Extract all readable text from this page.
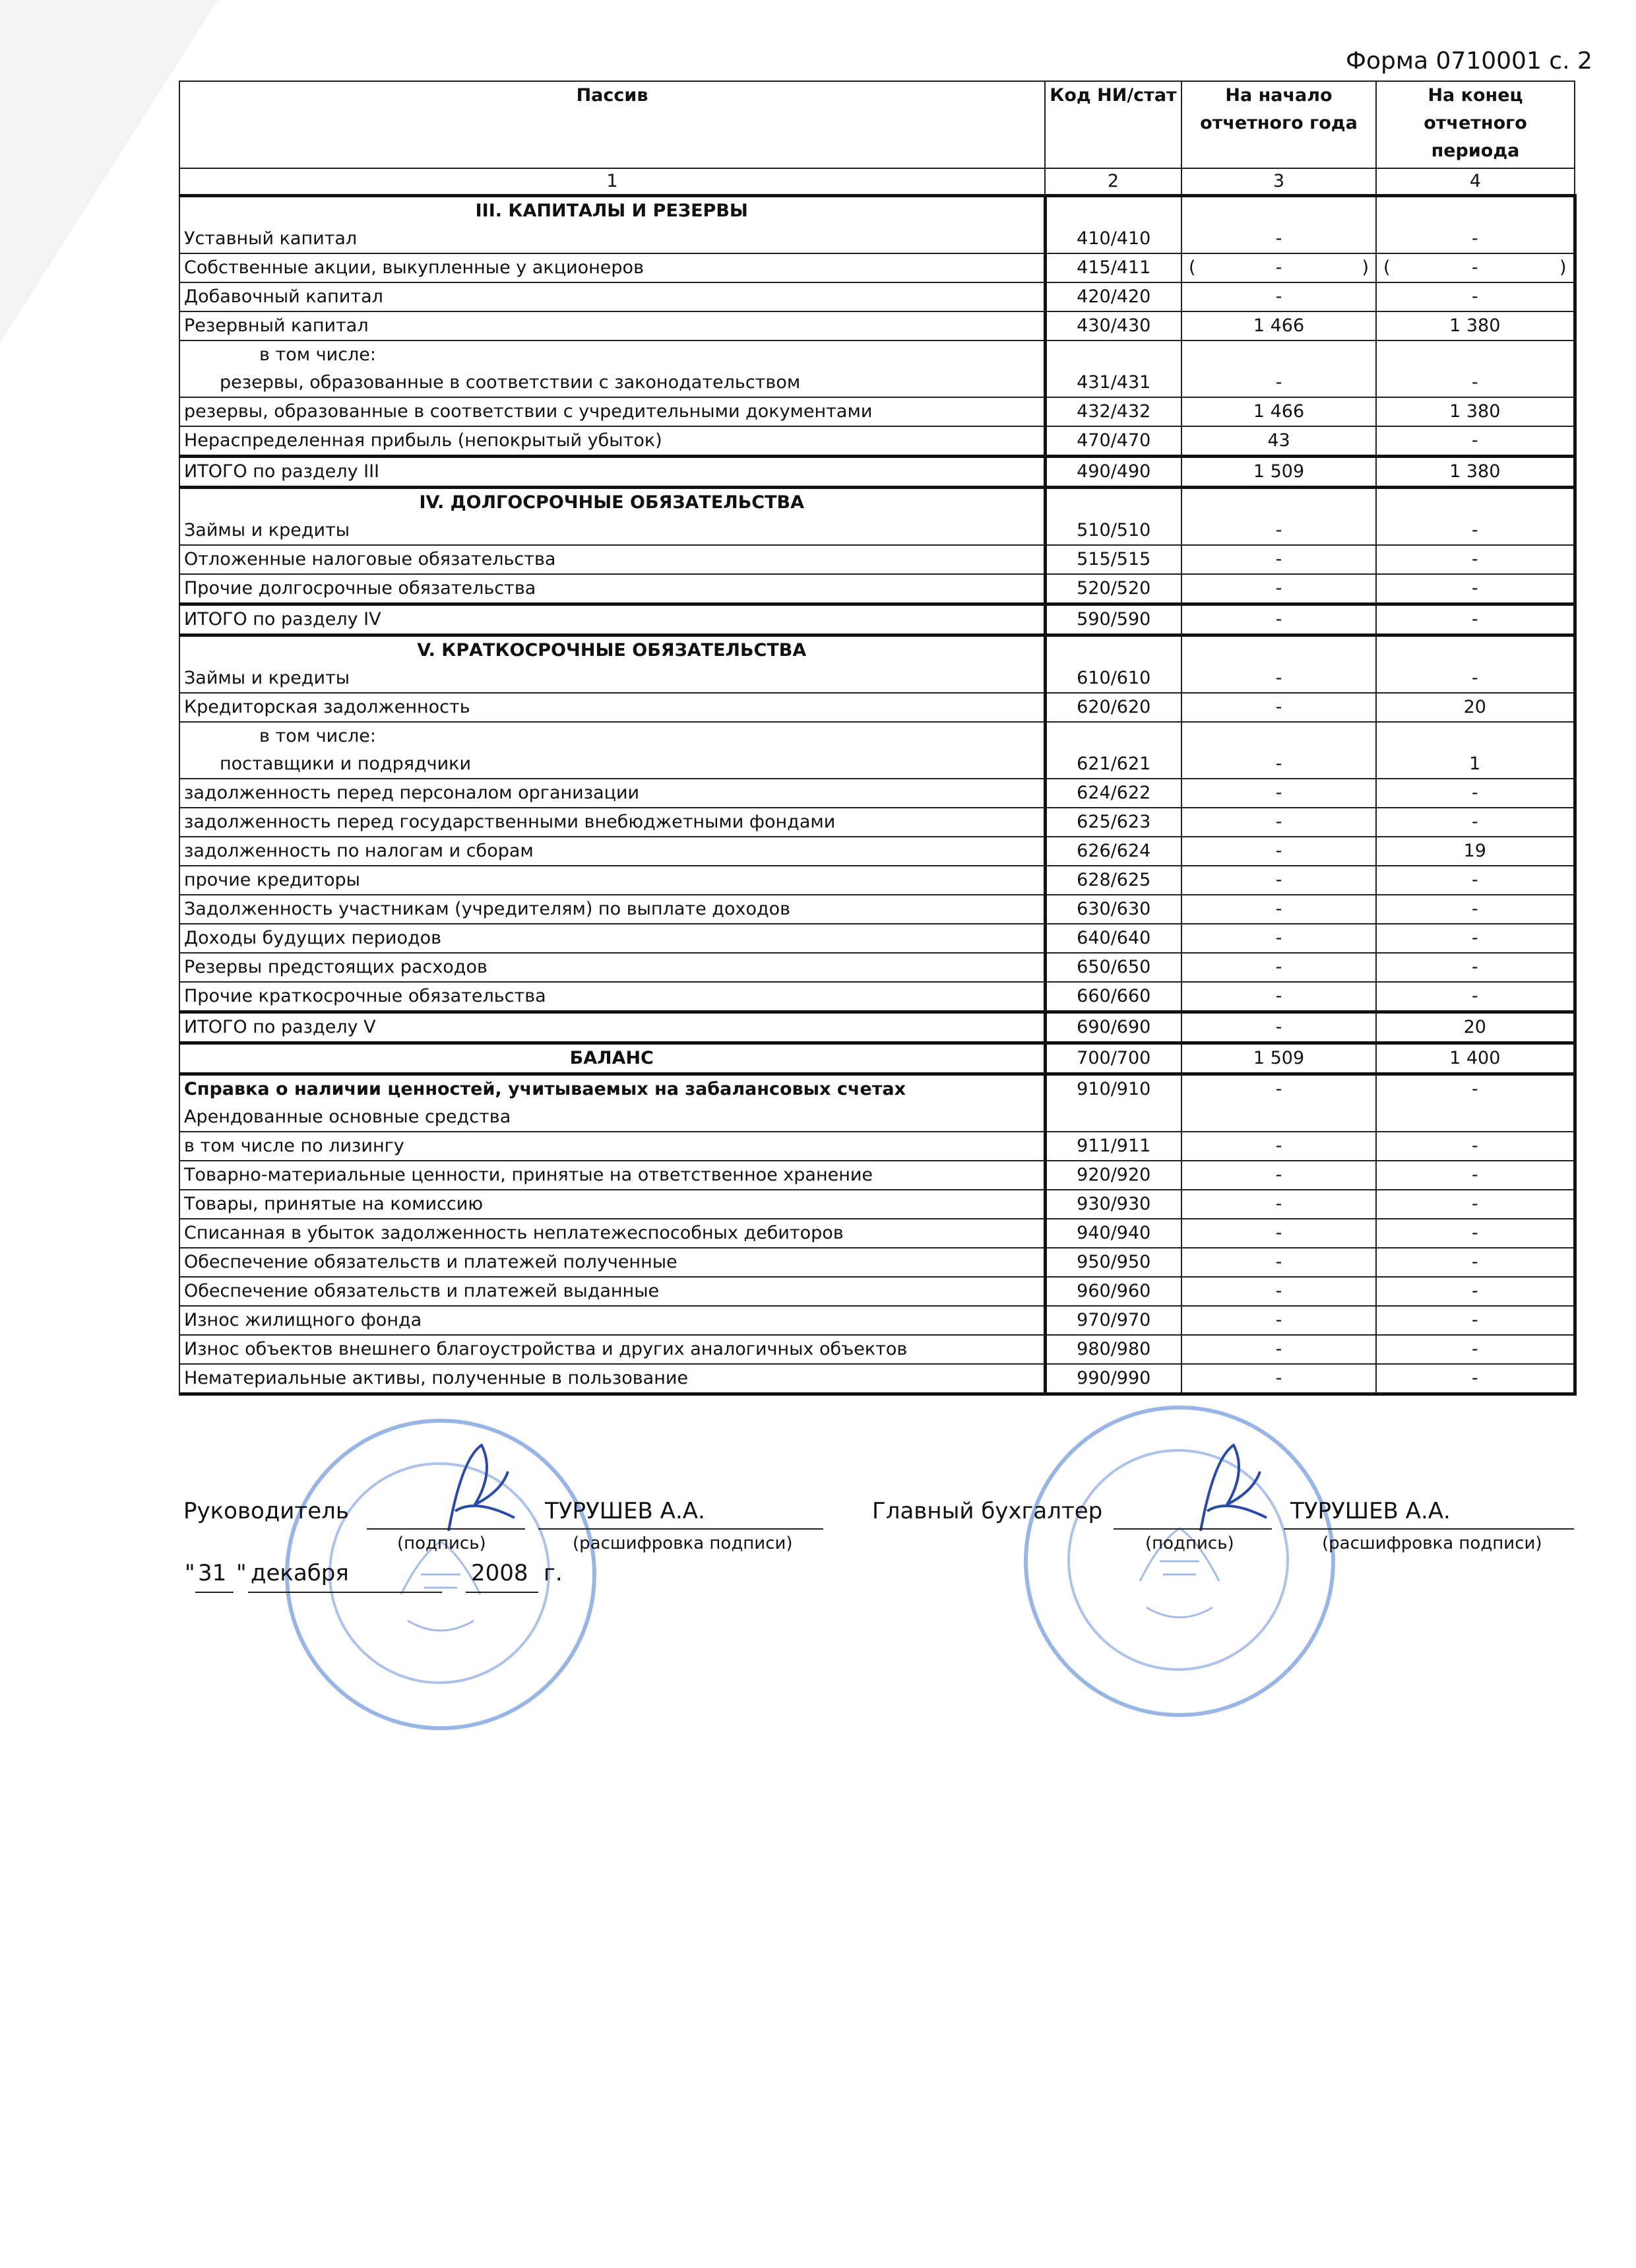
Форма 0710001 с. 2
Пассив	Код НИ/стат	На начало отчетного года	На конец отчетного периода
1	2	3	4

III. КАПИТАЛЫ И РЕЗЕРВЫ
Уставный капитал	410/410	-	-
Собственные акции, выкупленные у акционеров	415/411	( - )	( - )

Добавочный капитал	420/420	-	-
Резервный капитал	430/430	1 466	1 380

в том числе:
резервы, образованные в соответствии с законодательством	431/431	-	-
резервы, образованные в соответствии с учредительными документами	432/432	1 466	1 380
Нераспределенная прибыль (непокрытый убыток)	470/470	43	-
ИТОГО по разделу III	490/490	1 509	1 380

IV. ДОЛГОСРОЧНЫЕ ОБЯЗАТЕЛЬСТВА
Займы и кредиты	510/510	-	-
Отложенные налоговые обязательства	515/515	-	-
Прочие долгосрочные обязательства	520/520	-	-
ИТОГО по разделу IV	590/590	-	-

V. КРАТКОСРОЧНЫЕ ОБЯЗАТЕЛЬСТВА
Займы и кредиты	610/610	-	-
Кредиторская задолженность	620/620	-	20

в том числе:
поставщики и подрядчики	621/621	-	1
задолженность перед персоналом организации	624/622	-	-
задолженность перед государственными внебюджетными фондами	625/623	-	-
задолженность по налогам и сборам	626/624	-	19
прочие кредиторы	628/625	-	-
Задолженность участникам (учредителям) по выплате доходов	630/630	-	-
Доходы будущих периодов	640/640	-	-
Резервы предстоящих расходов	650/650	-	-
Прочие краткосрочные обязательства	660/660	-	-
ИТОГО по разделу V	690/690	-	20
БАЛАНС	700/700	1 509	1 400

Справка о наличии ценностей, учитываемых на забалансовых счетах
Арендованные основные средства	910/910	-	-
в том числе по лизингу	911/911	-	-
Товарно-материальные ценности, принятые на ответственное хранение	920/920	-	-
Товары, принятые на комиссию	930/930	-	-
Списанная в убыток задолженность неплатежеспособных дебиторов	940/940	-	-
Обеспечение обязательств и платежей полученные	950/950	-	-
Обеспечение обязательств и платежей выданные	960/960	-	-
Износ жилищного фонда	970/970	-	-
Износ объектов внешнего благоустройства и других аналогичных объектов	980/980	-	-
Нематериальные активы, полученные в пользование	990/990	-	-
Руководитель	ТУРУШЕВ А.А.
(подпись)	(расшифровка подписи)
Главный бухгалтер	ТУРУШЕВ А.А.
(подпись)	(расшифровка подписи)
" 31 " декабря	2008 г.
